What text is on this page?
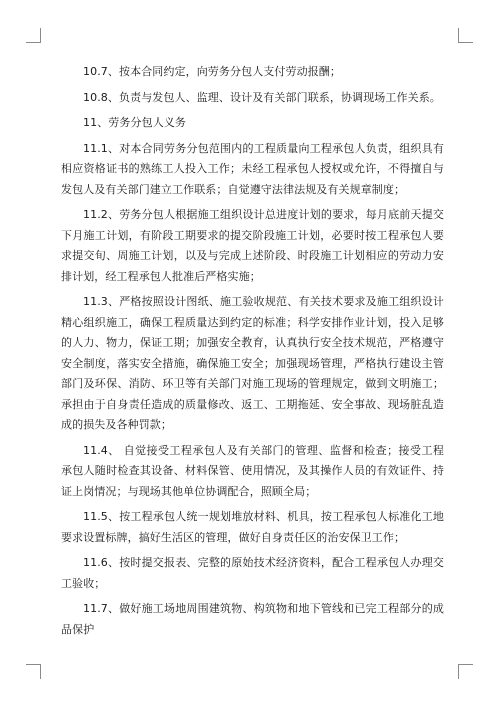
10.7、按本合同约定，向劳务分包人支付劳动报酬；

10.8、负责与发包人、监理、设计及有关部门联系，协调现场工作关系。

11、劳务分包人义务

11.1、对本合同劳务分包范围内的工程质量向工程承包人负责，组织具有相应资格证书的熟练工人投入工作；未经工程承包人授权或允许，不得擅自与发包人及有关部门建立工作联系；自觉遵守法律法规及有关规章制度；

11.2、劳务分包人根据施工组织设计总进度计划的要求，每月底前天提交下月施工计划，有阶段工期要求的提交阶段施工计划，必要时按工程承包人要求提交旬、周施工计划，以及与完成上述阶段、时段施工计划相应的劳动力安排计划，经工程承包人批准后严格实施；

11.3、严格按照设计图纸、施工验收规范、有关技术要求及施工组织设计精心组织施工，确保工程质量达到约定的标准；科学安排作业计划，投入足够的人力、物力，保证工期；加强安全教育，认真执行安全技术规范，严格遵守安全制度，落实安全措施，确保施工安全；加强现场管理，严格执行建设主管部门及环保、消防、环卫等有关部门对施工现场的管理规定，做到文明施工；承担由于自身责任造成的质量修改、返工、工期拖延、安全事故、现场脏乱造成的损失及各种罚款；

11.4、 自觉接受工程承包人及有关部门的管理、监督和检查；接受工程承包人随时检查其设备、材料保管、使用情况，及其操作人员的有效证件、持证上岗情况；与现场其他单位协调配合，照顾全局；

11.5、按工程承包人统一规划堆放材料、机具，按工程承包人标准化工地要求设置标牌，搞好生活区的管理，做好自身责任区的治安保卫工作；

11.6、按时提交报表、完整的原始技术经济资料，配合工程承包人办理交工验收；

11.7、做好施工场地周围建筑物、构筑物和地下管线和已完工程部分的成品保护
